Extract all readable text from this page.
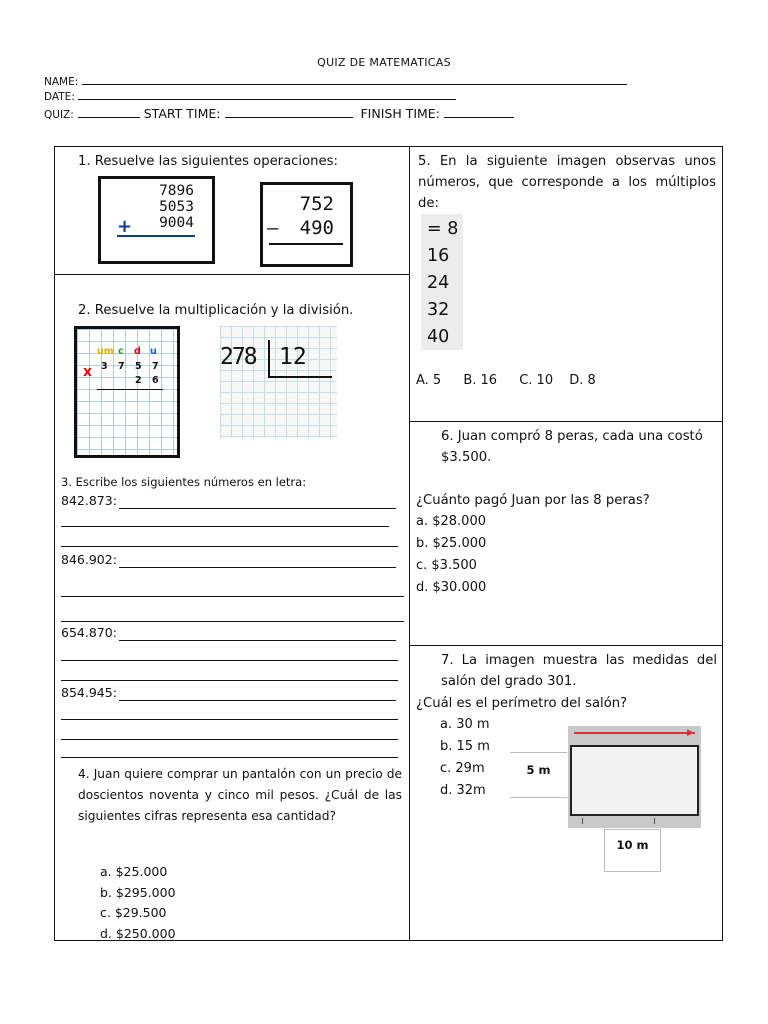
QUIZ DE MATEMATICAS
NAME:
DATE:
QUIZ:	START TIME:	FINISH TIME:
1. Resuelve las siguientes operaciones:
7896
5053
9004
+
752
– 490
2. Resuelve la multiplicación y la división.
um c d u
x 3 7 5 7
2 6
278 12
3. Escribe los siguientes números en letra:
842.873:
846.902:
654.870:
854.945:
4. Juan quiere comprar un pantalón con un precio de doscientos noventa y cinco mil pesos. ¿Cuál de las siguientes cifras representa esa cantidad?
a. $25.000
b. $295.000
c. $29.500
d. $250.000
5. En la siguiente imagen observas unos números, que corresponde a los múltiplos de:
= 8
16
24
32
40
A. 5 B. 16 C. 10 D. 8
6. Juan compró 8 peras, cada una costó $3.500.
¿Cuánto pagó Juan por las 8 peras?
a. $28.000
b. $25.000
c. $3.500
d. $30.000
7. La imagen muestra las medidas del salón del grado 301.
¿Cuál es el perímetro del salón?
a. 30 m
b. 15 m
c. 29m
d. 32m
5 m
▶
10 m
